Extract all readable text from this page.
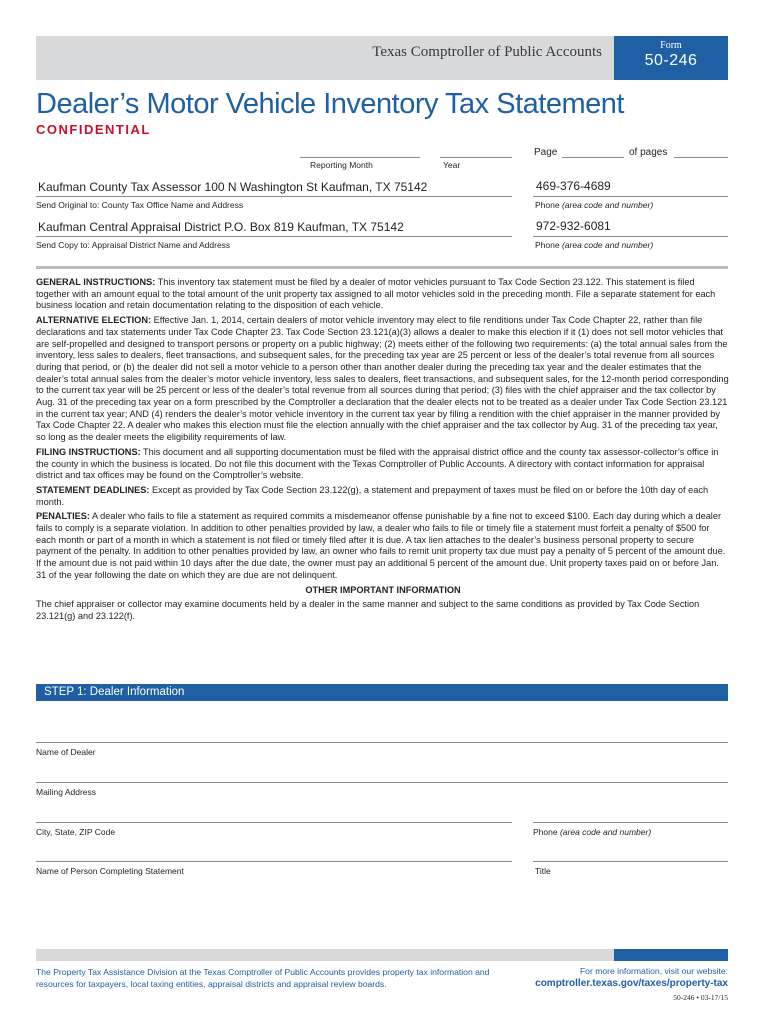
Texas Comptroller of Public Accounts	Form
50-246
Dealer’s Motor Vehicle Inventory Tax Statement
CONFIDENTIAL
Reporting Month	Year
Page	of pages
Kaufman County Tax Assessor 100 N Washington St Kaufman, TX 75142
Send Original to: County Tax Office Name and Address
469-376-4689
Phone (area code and number)
Kaufman Central Appraisal District P.O. Box 819 Kaufman, TX 75142
Send Copy to: Appraisal District Name and Address
972-932-6081
Phone (area code and number)

GENERAL INSTRUCTIONS: This inventory tax statement must be filed by a dealer of motor vehicles pursuant to Tax Code Section 23.122. This statement is filed together with an amount equal to the total amount of the unit property tax assigned to all motor vehicles sold in the preceding month. File a separate statement for each business location and retain documentation relating to the disposition of each vehicle.

ALTERNATIVE ELECTION: Effective Jan. 1, 2014, certain dealers of motor vehicle inventory may elect to file renditions under Tax Code Chapter 22, rather than file declarations and tax statements under Tax Code Chapter 23. Tax Code Section 23.121(a)(3) allows a dealer to make this election if it (1) does not sell motor vehicles that are self-propelled and designed to transport persons or property on a public highway; (2) meets either of the following two requirements: (a) the total annual sales from the inventory, less sales to dealers, fleet transactions, and subsequent sales, for the preceding tax year are 25 percent or less of the dealer’s total revenue from all sources during that period, or (b) the dealer did not sell a motor vehicle to a person other than another dealer during the preceding tax year and the dealer estimates that the dealer’s total annual sales from the dealer’s motor vehicle inventory, less sales to dealers, fleet transactions, and subsequent sales, for the 12-month period corresponding to the current tax year will be 25 percent or less of the dealer’s total revenue from all sources during that period; (3) files with the chief appraiser and the tax collector by Aug. 31 of the preceding tax year on a form prescribed by the Comptroller a declaration that the dealer elects not to be treated as a dealer under Tax Code Section 23.121 in the current tax year; AND (4) renders the dealer’s motor vehicle inventory in the current tax year by filing a rendition with the chief appraiser in the manner provided by Tax Code Chapter 22. A dealer who makes this election must file the election annually with the chief appraiser and the tax collector by Aug. 31 of the preceding tax year, so long as the dealer meets the eligibility requirements of law.

FILING INSTRUCTIONS: This document and all supporting documentation must be filed with the appraisal district office and the county tax assessor-collector’s office in the county in which the business is located. Do not file this document with the Texas Comptroller of Public Accounts. A directory with contact information for appraisal district and tax offices may be found on the Comptroller’s website.

STATEMENT DEADLINES: Except as provided by Tax Code Section 23.122(g), a statement and prepayment of taxes must be filed on or before the 10th day of each month.

PENALTIES: A dealer who fails to file a statement as required commits a misdemeanor offense punishable by a fine not to exceed $100. Each day during which a dealer fails to comply is a separate violation. In addition to other penalties provided by law, a dealer who fails to file or timely file a statement must forfeit a penalty of $500 for each month or part of a month in which a statement is not filed or timely filed after it is due. A tax lien attaches to the dealer’s business personal property to secure payment of the penalty. In addition to other penalties provided by law, an owner who fails to remit unit property tax due must pay a penalty of 5 percent of the amount due. If the amount due is not paid within 10 days after the due date, the owner must pay an additional 5 percent of the amount due. Unit property taxes paid on or before Jan. 31 of the year following the date on which they are due are not delinquent.

OTHER IMPORTANT INFORMATION

The chief appraiser or collector may examine documents held by a dealer in the same manner and subject to the same conditions as provided by Tax Code Section 23.121(g) and 23.122(f).

STEP 1: Dealer Information
Name of Dealer
Mailing Address
City, State, ZIP Code	Phone (area code and number)
Name of Person Completing Statement	Title
The Property Tax Assistance Division at the Texas Comptroller of Public Accounts provides property tax information and resources for taxpayers, local taxing entities, appraisal districts and appraisal review boards.
For more information, visit our website:
comptroller.texas.gov/taxes/property-tax
50-246 • 03-17/15
